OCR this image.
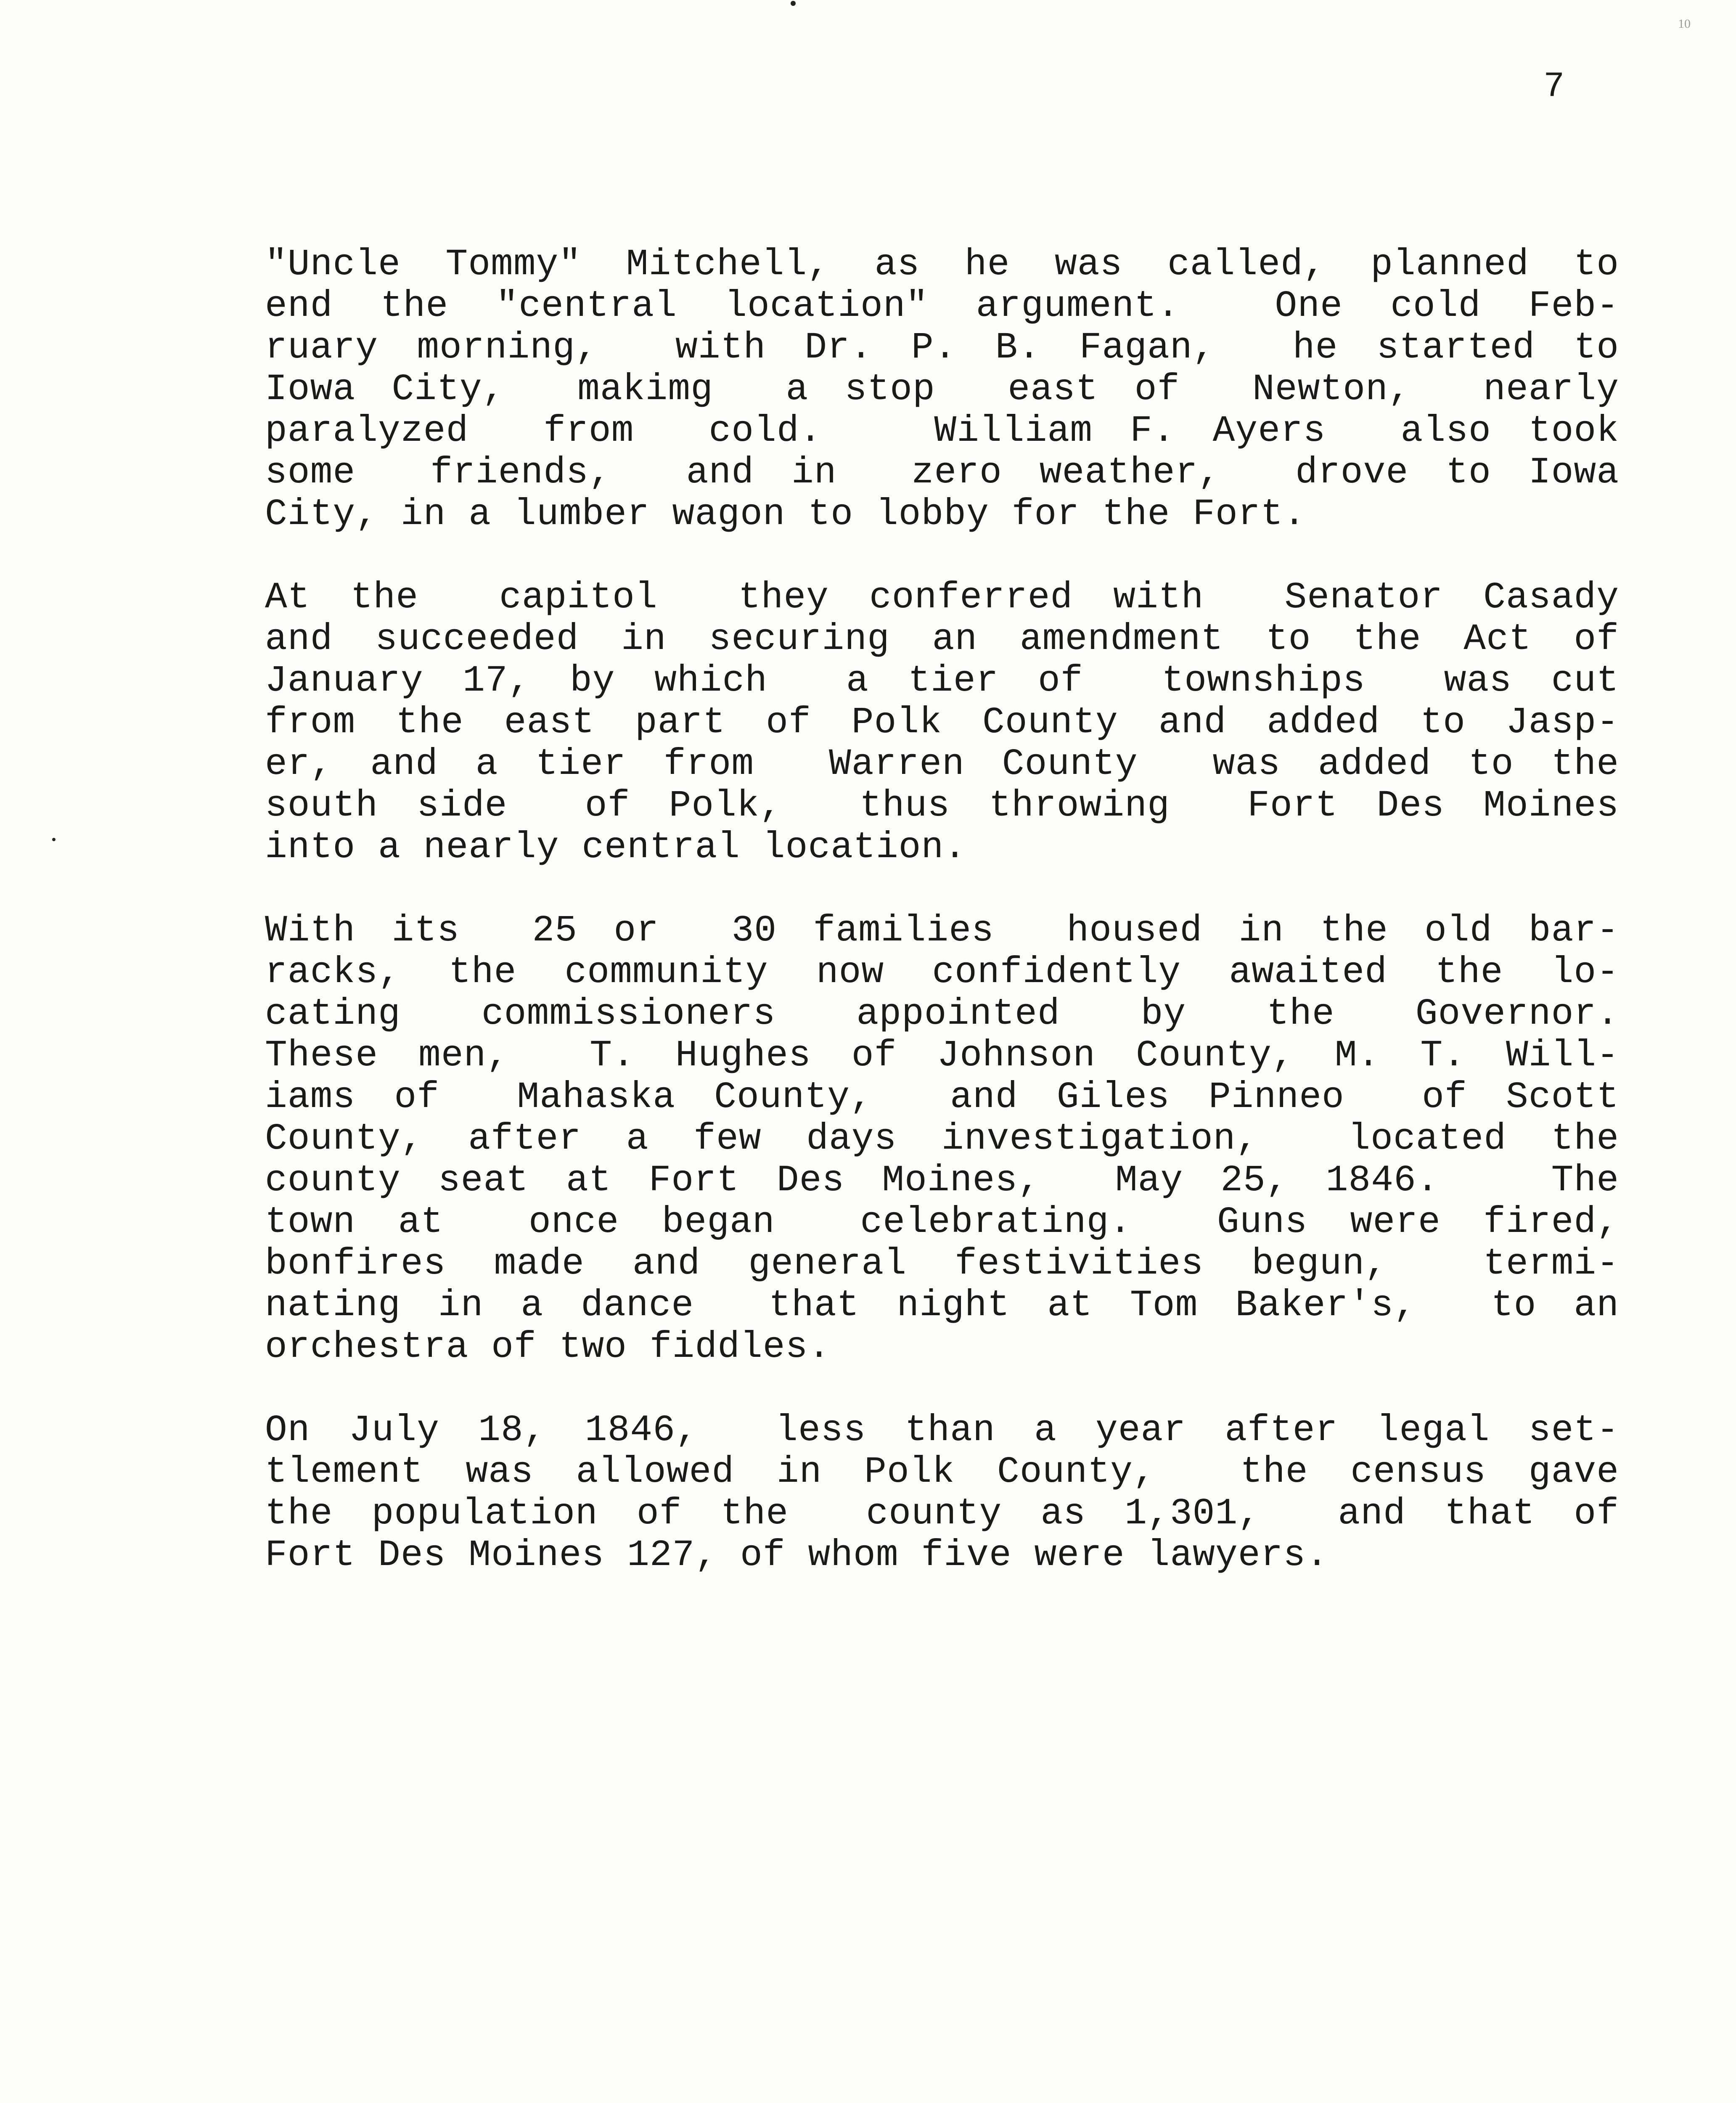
10
7
"Uncle Tommy" Mitchell, as he was called, planned to
end the "central location" argument.  One cold Feb-
ruary morning,  with Dr. P. B. Fagan,  he started to
Iowa City,  makimg  a stop  east of  Newton,  nearly
paralyzed  from  cold.   William F. Ayers  also took
some  friends,  and in  zero weather,  drove to Iowa
City, in a lumber wagon to lobby for the Fort.
At the  capitol  they conferred with  Senator Casady
and succeeded in securing an amendment to the Act of
January 17, by which  a tier of  townships  was cut
from the east part of Polk County and added to Jasp-
er, and a tier from  Warren County  was added to the
south side  of Polk,  thus throwing  Fort Des Moines
into a nearly central location.
With its  25 or  30 families  housed in the old bar-
racks, the community now confidently awaited the lo-
cating  commissioners  appointed  by  the  Governor.
These men,  T. Hughes of Johnson County, M. T. Will-
iams of  Mahaska County,  and Giles Pinneo  of Scott
County, after a few days investigation,  located the
county seat at Fort Des Moines,  May 25, 1846.   The
town at  once began  celebrating.  Guns were fired,
bonfires made and general festivities begun,  termi-
nating in a dance  that night at Tom Baker's,  to an
orchestra of two fiddles.
On July 18, 1846,  less than a year after legal set-
tlement was allowed in Polk County,  the census gave
the population of the  county as 1,301,  and that of
Fort Des Moines 127, of whom five were lawyers.
